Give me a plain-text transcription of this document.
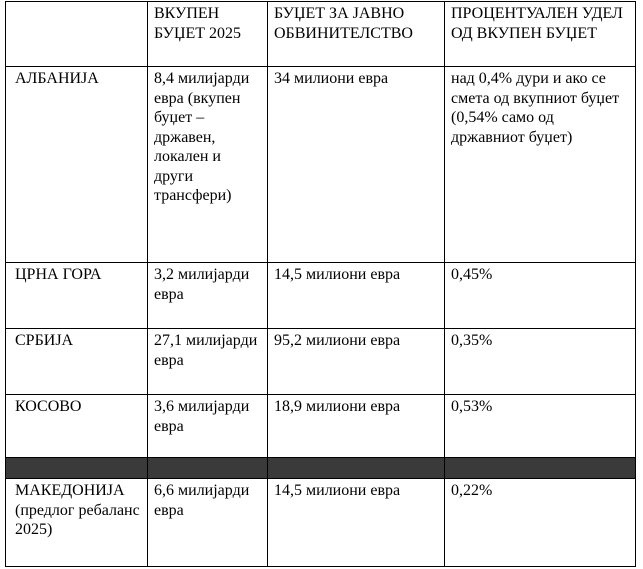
	ВКУПЕН БУЏЕТ 2025	БУЏЕТ ЗА ЈАВНО ОБВИНИТЕЛСТВО	ПРОЦЕНТУАЛЕН УДЕЛ
ОД ВКУПЕН БУЏЕТ

АЛБАНИЈА	8,4 милијарди евра (вкупен буџет – државен, локален и други трансфери)	34 милиони евра	над 0,4% дури и ако се смета од вкупниот буџет (0,54% само од државниот буџет)

ЦРНА ГОРА	3,2 милијарди евра	14,5 милиони евра	0,45%

СРБИЈА	27,1 милијарди евра	95,2 милиони евра	0,35%

КОСОВО	3,6 милијарди евра	18,9 милиони евра	0,53%

МАКЕДОНИЈА (предлог ребаланс 2025)	6,6 милијарди евра	14,5 милиони евра	0,22%
